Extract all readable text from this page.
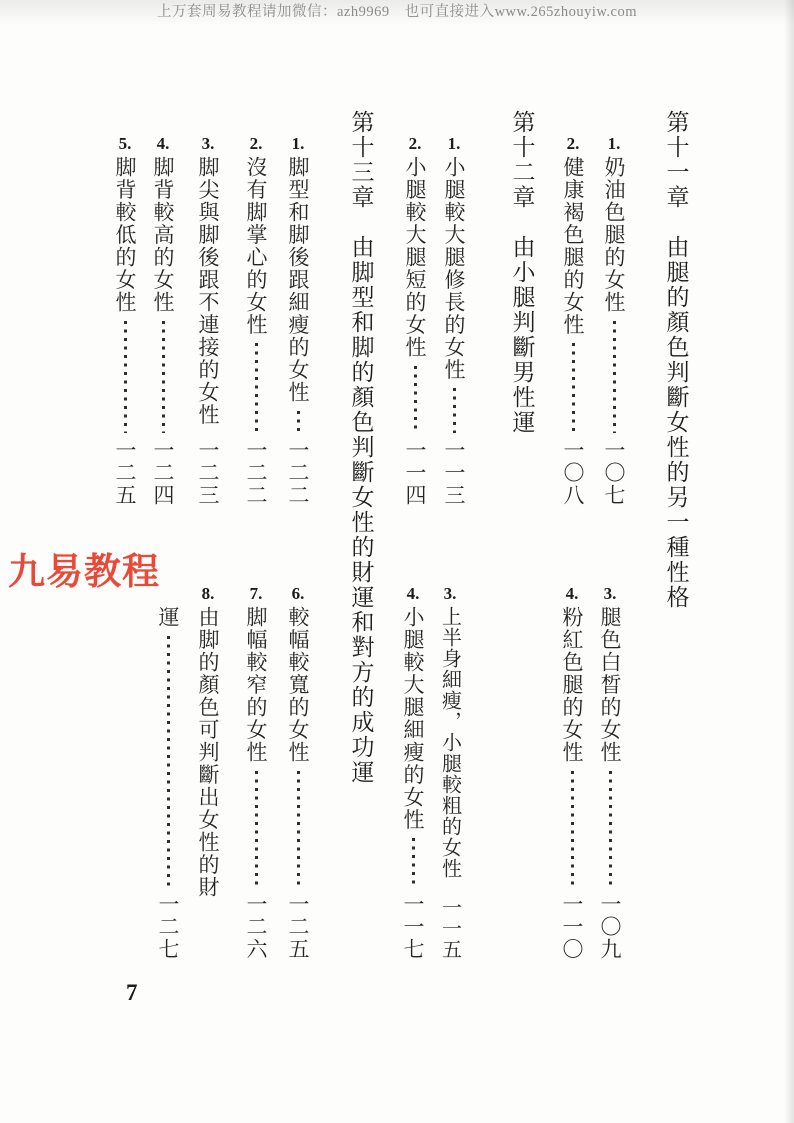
上万套周易教程请加微信：azh9969　也可直接进入www.265zhouyiw.com
第十一章　由腿的顏色判斷女性的另一種性格
第十二章　由小腿判斷男性運
第十三章　由脚型和脚的顏色判斷女性的財運和對方的成功運	1.
奶油色腿的女性
一〇七
2.
健康褐色腿的女性
一〇八
1.
小腿較大腿修長的女性
一一三
2.
小腿較大腿短的女性
一一四
1.
脚型和脚後跟細瘦的女性
一二二
2.
沒有脚掌心的女性
一二二
3.
脚尖與脚後跟不連接的女性
一二三
4.
脚背較高的女性
一二四
5.
脚背較低的女性
一二五
3.
腿色白晳的女性
一〇九
4.
粉紅色腿的女性
一一〇
3.
上半身細瘦，小腿較粗的女性
一一五
4.
小腿較大腿細瘦的女性
一一七
6.
較幅較寬的女性
一二五
7.
脚幅較窄的女性
一二六
8.
由脚的顏色可判斷出女性的財
運
一二七
九易教程
7
